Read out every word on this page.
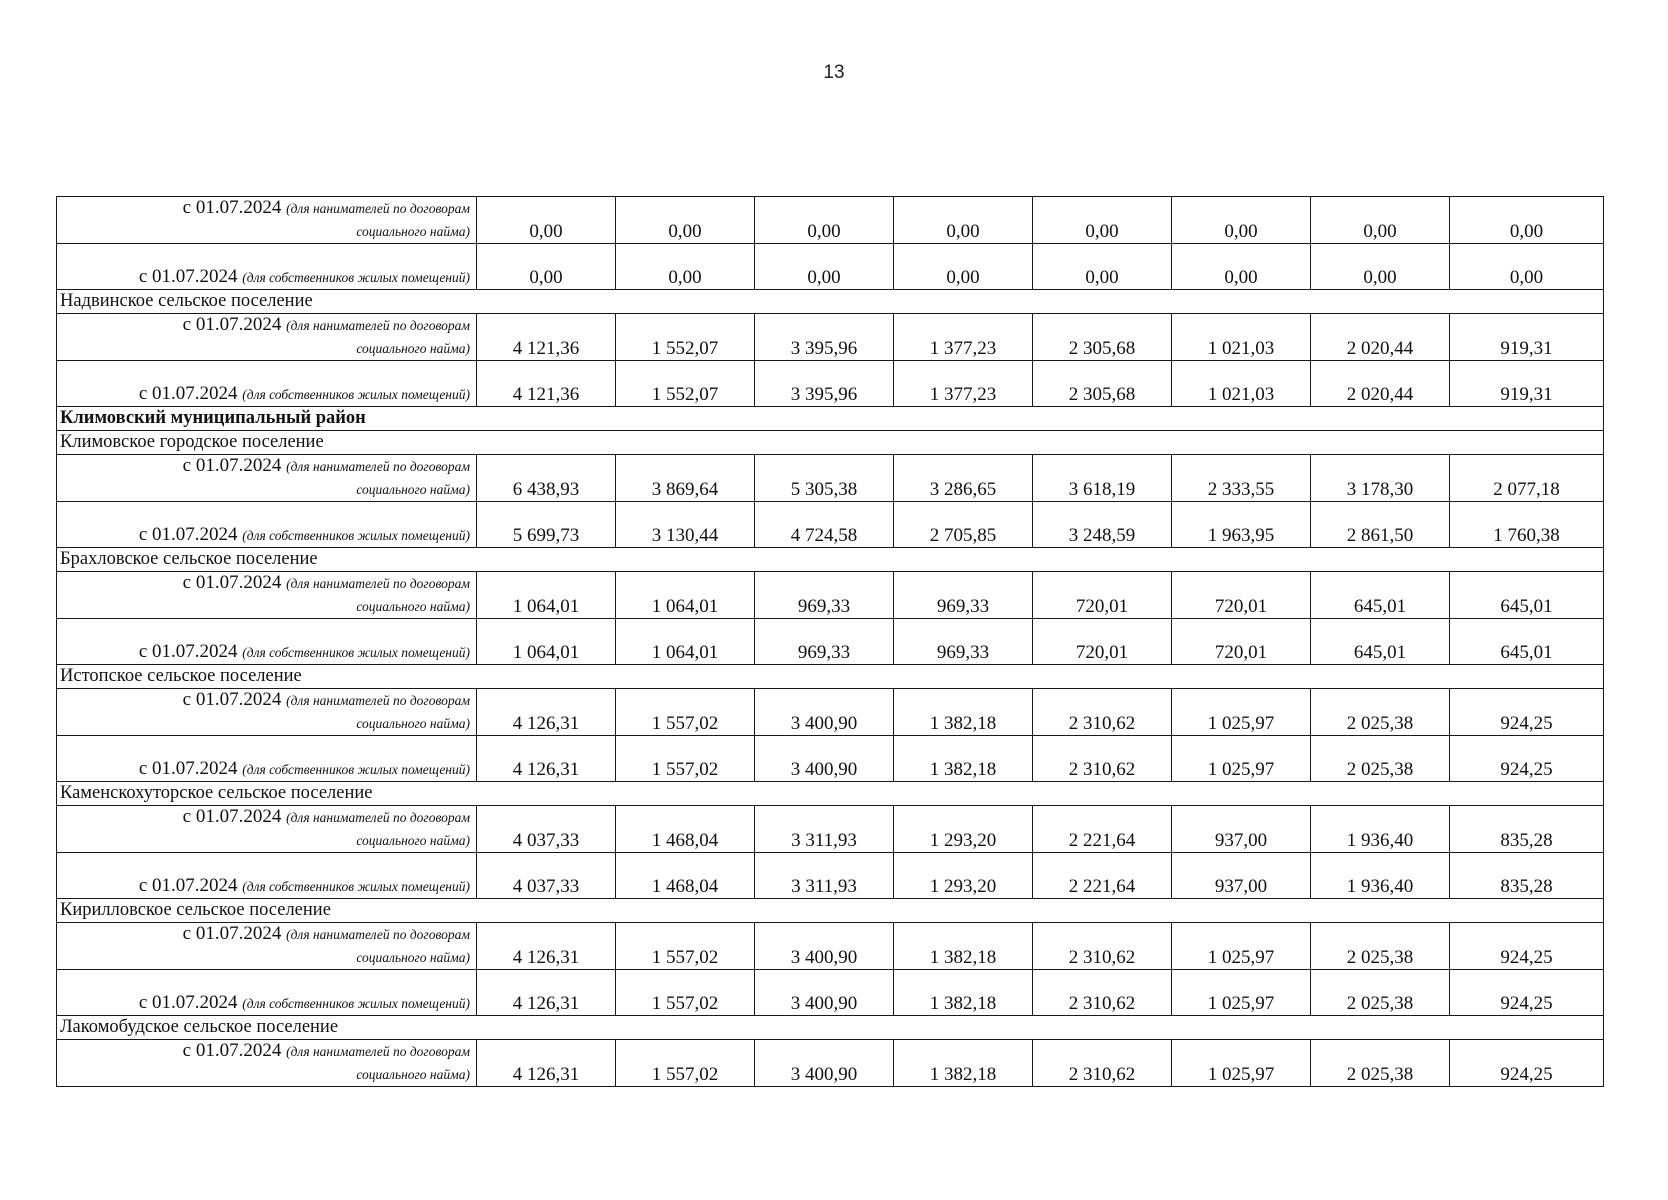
13
с 01.07.2024 (для нанимателей по договорам
социального найма)	0,00	0,00	0,00	0,00	0,00	0,00	0,00	0,00
с 01.07.2024 (для собственников жилых помещений)	0,00	0,00	0,00	0,00	0,00	0,00	0,00	0,00
Надвинское сельское поселение								
с 01.07.2024 (для нанимателей по договорам
социального найма)	4 121,36	1 552,07	3 395,96	1 377,23	2 305,68	1 021,03	2 020,44	919,31
с 01.07.2024 (для собственников жилых помещений)	4 121,36	1 552,07	3 395,96	1 377,23	2 305,68	1 021,03	2 020,44	919,31
Климовский муниципальный район								
Климовское городское поселение								
с 01.07.2024 (для нанимателей по договорам
социального найма)	6 438,93	3 869,64	5 305,38	3 286,65	3 618,19	2 333,55	3 178,30	2 077,18
с 01.07.2024 (для собственников жилых помещений)	5 699,73	3 130,44	4 724,58	2 705,85	3 248,59	1 963,95	2 861,50	1 760,38
Брахловское сельское поселение								
с 01.07.2024 (для нанимателей по договорам
социального найма)	1 064,01	1 064,01	969,33	969,33	720,01	720,01	645,01	645,01
с 01.07.2024 (для собственников жилых помещений)	1 064,01	1 064,01	969,33	969,33	720,01	720,01	645,01	645,01
Истопское сельское поселение								
с 01.07.2024 (для нанимателей по договорам
социального найма)	4 126,31	1 557,02	3 400,90	1 382,18	2 310,62	1 025,97	2 025,38	924,25
с 01.07.2024 (для собственников жилых помещений)	4 126,31	1 557,02	3 400,90	1 382,18	2 310,62	1 025,97	2 025,38	924,25
Каменскохуторское сельское поселение								
с 01.07.2024 (для нанимателей по договорам
социального найма)	4 037,33	1 468,04	3 311,93	1 293,20	2 221,64	937,00	1 936,40	835,28
с 01.07.2024 (для собственников жилых помещений)	4 037,33	1 468,04	3 311,93	1 293,20	2 221,64	937,00	1 936,40	835,28
Кирилловское сельское поселение								
с 01.07.2024 (для нанимателей по договорам
социального найма)	4 126,31	1 557,02	3 400,90	1 382,18	2 310,62	1 025,97	2 025,38	924,25
с 01.07.2024 (для собственников жилых помещений)	4 126,31	1 557,02	3 400,90	1 382,18	2 310,62	1 025,97	2 025,38	924,25
Лакомобудское сельское поселение								
с 01.07.2024 (для нанимателей по договорам
социального найма)	4 126,31	1 557,02	3 400,90	1 382,18	2 310,62	1 025,97	2 025,38	924,25
